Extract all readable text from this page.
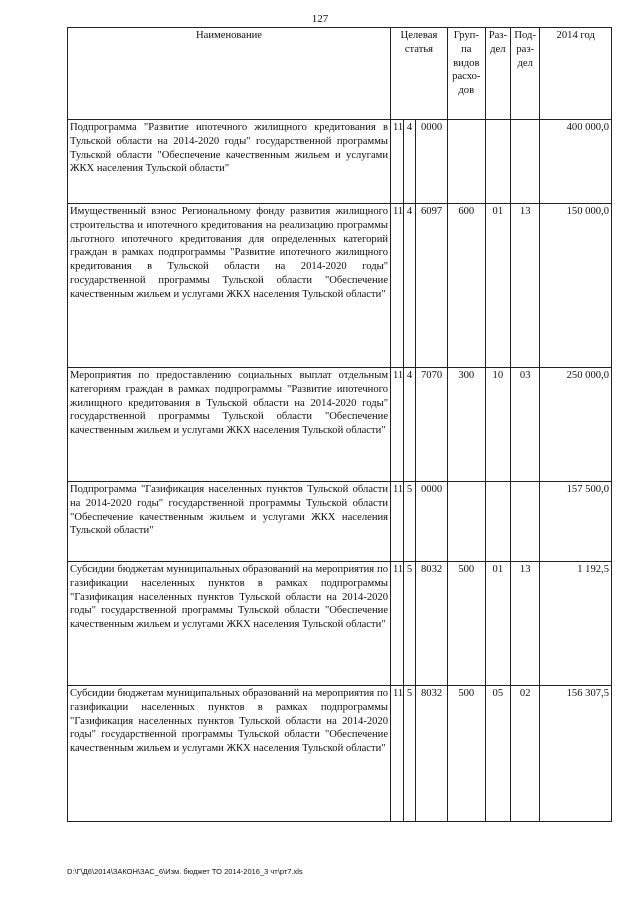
127
Наименование	Целевая статья			Груп-па видов расхо-дов	Раз-дел	Под-раз-дел	2014 год
Подпрограмма "Развитие ипотечного жилищного кредитования в Тульской области на 2014-2020 годы" государственной программы Тульской области "Обеспечение качественным жильем и услугами ЖКХ населения Тульской области"	11	4	0000				400 000,0
Имущественный взнос Региональному фонду развития жилищного строительства и ипотечного кредитования на реализацию программы льготного ипотечного кредитования для определенных категорий граждан в рамках подпрограммы "Развитие ипотечного жилищного кредитования в Тульской области на 2014-2020 годы" государственной программы Тульской области "Обеспечение качественным жильем и услугами ЖКХ населения Тульской области"	11	4	6097	600	01	13	150 000,0
Мероприятия по предоставлению социальных выплат отдельным категориям граждан в рамках подпрограммы "Развитие ипотечного жилищного кредитования в Тульской области на 2014-2020 годы" государственной программы Тульской области "Обеспечение качественным жильем и услугами ЖКХ населения Тульской области"	11	4	7070	300	10	03	250 000,0
Подпрограмма "Газификация населенных пунктов Тульской области на 2014-2020 годы" государственной программы Тульской области "Обеспечение качественным жильем и услугами ЖКХ населения Тульской области"	11	5	0000				157 500,0
Субсидии бюджетам муниципальных образований на мероприятия по газификации населенных пунктов в рамках подпрограммы "Газификация населенных пунктов Тульской области на 2014-2020 годы" государственной программы Тульской области "Обеспечение качественным жильем и услугами ЖКХ населения Тульской области"	11	5	8032	500	01	13	1 192,5
Субсидии бюджетам муниципальных образований на мероприятия по газификации населенных пунктов в рамках подпрограммы "Газификация населенных пунктов Тульской области на 2014-2020 годы" государственной программы Тульской области "Обеспечение качественным жильем и услугами ЖКХ населения Тульской области"	11	5	8032	500	05	02	156 307,5
D:\Г\Д6\2014\ЗАКОН\ЗАС_6\Изм. бюджет ТО 2014-2016_3 чт\рт7.xls
